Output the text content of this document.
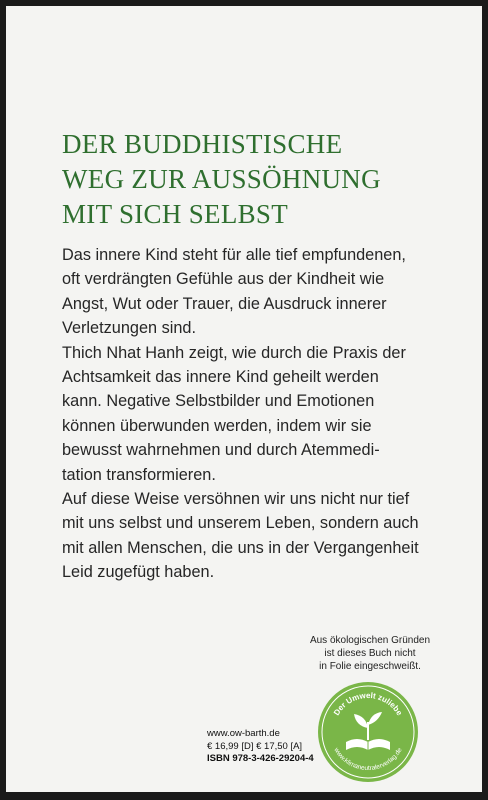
DER BUDDHISTISCHE
WEG ZUR AUSSÖHNUNG
MIT SICH SELBST
Das innere Kind steht für alle tief empfundenen,
oft verdrängten Gefühle aus der Kindheit wie
Angst, Wut oder Trauer, die Ausdruck innerer
Verletzungen sind.
Thich Nhat Hanh zeigt, wie durch die Praxis der
Achtsamkeit das innere Kind geheilt werden
kann. Negative Selbstbilder und Emotionen
können überwunden werden, indem wir sie
bewusst wahrnehmen und durch Atemmedi-
tation transformieren.
Auf diese Weise versöhnen wir uns nicht nur tief
mit uns selbst und unserem Leben, sondern auch
mit allen Menschen, die uns in der Vergangenheit
Leid zugefügt haben.
Aus ökologischen Gründen
ist dieses Buch nicht
in Folie eingeschweißt.
Der Umwelt zuliebe
www.klimaneutralerverlag.de
www.ow-barth.de
€ 16,99 [D] € 17,50 [A]
ISBN 978-3-426-29204-4
